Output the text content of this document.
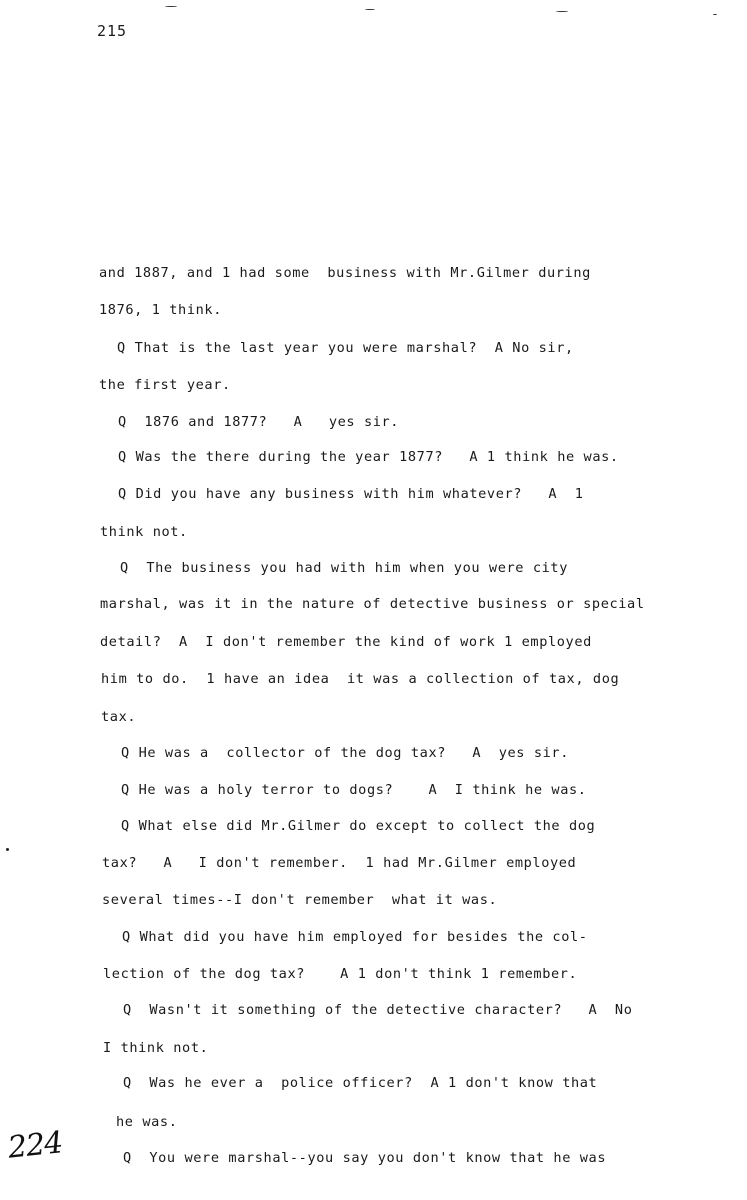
215
and 1887, and 1 had some  business with Mr.Gilmer during
1876, 1 think.
Q That is the last year you were marshal?  A No sir,
the first year.
Q  1876 and 1877?   A   yes sir.
Q Was the there during the year 1877?   A 1 think he was.
Q Did you have any business with him whatever?   A  1
think not.
Q  The business you had with him when you were city
marshal, was it in the nature of detective business or special
detail?  A  I don't remember the kind of work 1 employed
him to do.  1 have an idea  it was a collection of tax, dog
tax.
Q He was a  collector of the dog tax?   A  yes sir.
Q He was a holy terror to dogs?    A  I think he was.
Q What else did Mr.Gilmer do except to collect the dog
tax?   A   I don't remember.  1 had Mr.Gilmer employed
several times--I don't remember  what it was.
Q What did you have him employed for besides the col-
lection of the dog tax?    A 1 don't think 1 remember.
Q  Wasn't it something of the detective character?   A  No
I think not.
Q  Was he ever a  police officer?  A 1 don't know that
he was.
Q  You were marshal--you say you don't know that he was
224
